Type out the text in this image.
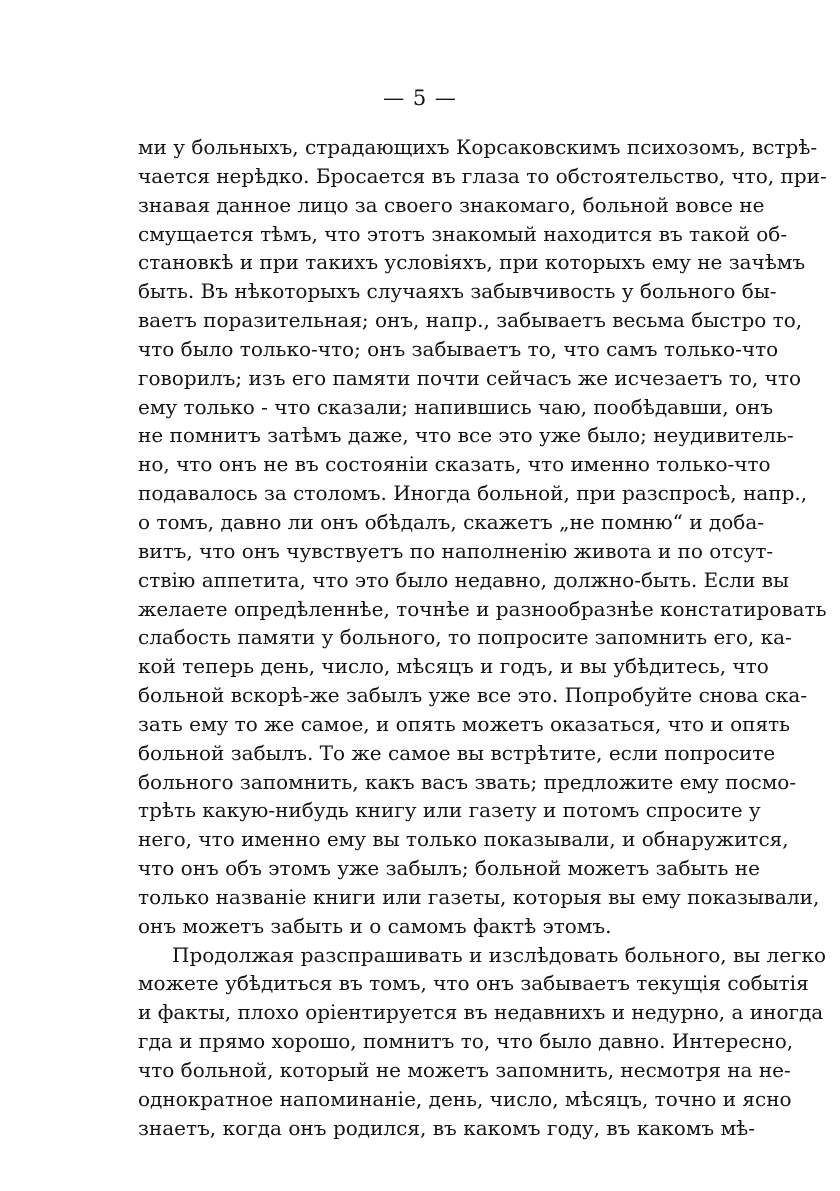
— 5 —
ми у больныхъ, страдающихъ Корсаковскимъ психозомъ, встрѣ-
чается нерѣдко. Бросается въ глаза то обстоятельство, что, при-
знавая данное лицо за своего знакомаго, больной вовсе не
смущается тѣмъ, что этотъ знакомый находится въ такой об-
становкѣ и при такихъ условіяхъ, при которыхъ ему не зачѣмъ
быть. Въ нѣкоторыхъ случаяхъ забывчивость у больного бы-
ваетъ поразительная; онъ, напр., забываетъ весьма быстро то,
что было только-что; онъ забываетъ то, что самъ только-что
говорилъ; изъ его памяти почти сейчасъ же исчезаетъ то, что
ему только - что сказали; напившись чаю, пообѣдавши, онъ
не помнитъ затѣмъ даже, что все это уже было; неудивитель-
но, что онъ не въ состояніи сказать, что именно только-что
подавалось за столомъ. Иногда больной, при разспросѣ, напр.,
о томъ, давно ли онъ обѣдалъ, скажетъ „не помню“ и доба-
витъ, что онъ чувствуетъ по наполненію живота и по отсут-
ствію аппетита, что это было недавно, должно-быть. Если вы
желаете опредѣленнѣе, точнѣе и разнообразнѣе констатировать
слабость памяти у больного, то попросите запомнить его, ка-
кой теперь день, число, мѣсяцъ и годъ, и вы убѣдитесь, что
больной вскорѣ-же забылъ уже все это. Попробуйте снова ска-
зать ему то же самое, и опять можетъ оказаться, что и опять
больной забылъ. То же самое вы встрѣтите, если попросите
больного запомнить, какъ васъ звать; предложите ему посмо-
трѣть какую-нибудь книгу или газету и потомъ спросите у
него, что именно ему вы только показывали, и обнаружится,
что онъ объ этомъ уже забылъ; больной можетъ забыть не
только названіе книги или газеты, которыя вы ему показывали,
онъ можетъ забыть и о самомъ фактѣ этомъ.
Продолжая разспрашивать и изслѣдовать больного, вы легко
можете убѣдиться въ томъ, что онъ забываетъ текущія событія
и факты, плохо оріентируется въ недавнихъ и недурно, а иногда
гда и прямо хорошо, помнитъ то, что было давно. Интересно,
что больной, который не можетъ запомнить, несмотря на не-
однократное напоминаніе, день, число, мѣсяцъ, точно и ясно
знаетъ, когда онъ родился, въ какомъ году, въ какомъ мѣ-
